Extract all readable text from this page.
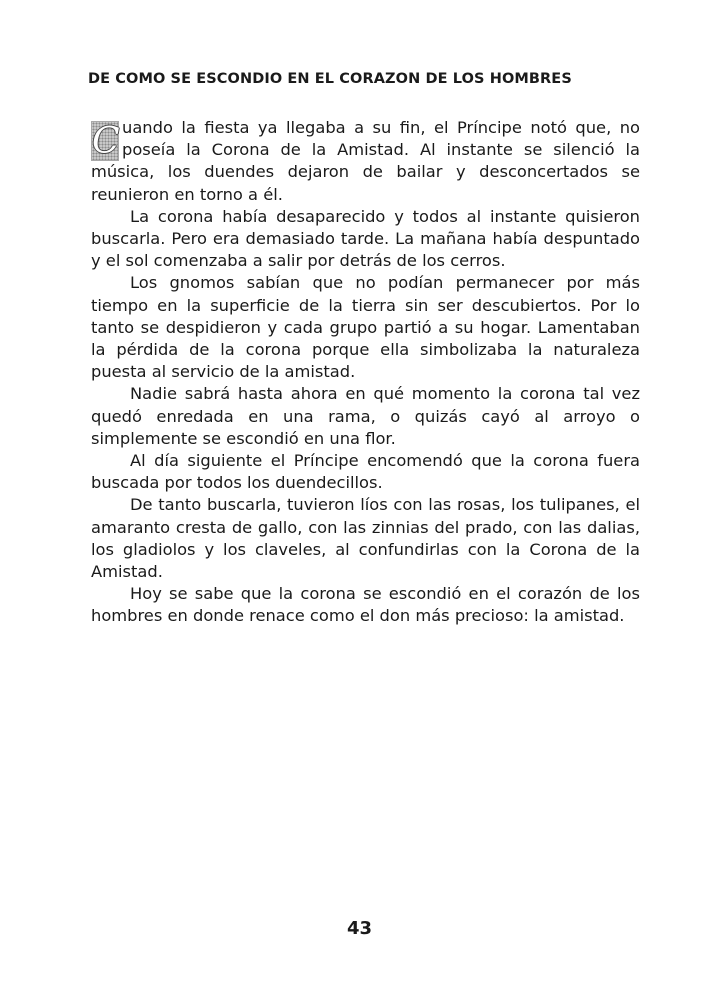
DE COMO SE ESCONDIO EN EL CORAZON DE LOS HOMBRES

C uando la fiesta ya llegaba a su fin, el Príncipe notó que, no poseía la Corona de la Amistad. Al instante se silenció la música, los duendes dejaron de bailar y desconcertados se reunieron en torno a él.

La corona había desaparecido y todos al instante quisieron buscarla. Pero era demasiado tarde. La mañana había despuntado y el sol comenzaba a salir por detrás de los cerros.

Los gnomos sabían que no podían permanecer por más tiempo en la superficie de la tierra sin ser descubiertos. Por lo tanto se despidieron y cada grupo partió a su hogar. Lamentaban la pérdida de la corona porque ella simbolizaba la naturaleza puesta al servicio de la amistad.

Nadie sabrá hasta ahora en qué momento la corona tal vez quedó enredada en una rama, o quizás cayó al arroyo o simplemente se escondió en una flor.

Al día siguiente el Príncipe encomendó que la corona fuera buscada por todos los duendecillos.

De tanto buscarla, tuvieron líos con las rosas, los tulipanes, el amaranto cresta de gallo, con las zinnias del prado, con las dalias, los gladiolos y los claveles, al confundirlas con la Corona de la Amistad.

Hoy se sabe que la corona se escondió en el corazón de los hombres en donde renace como el don más precioso: la amistad.

43
